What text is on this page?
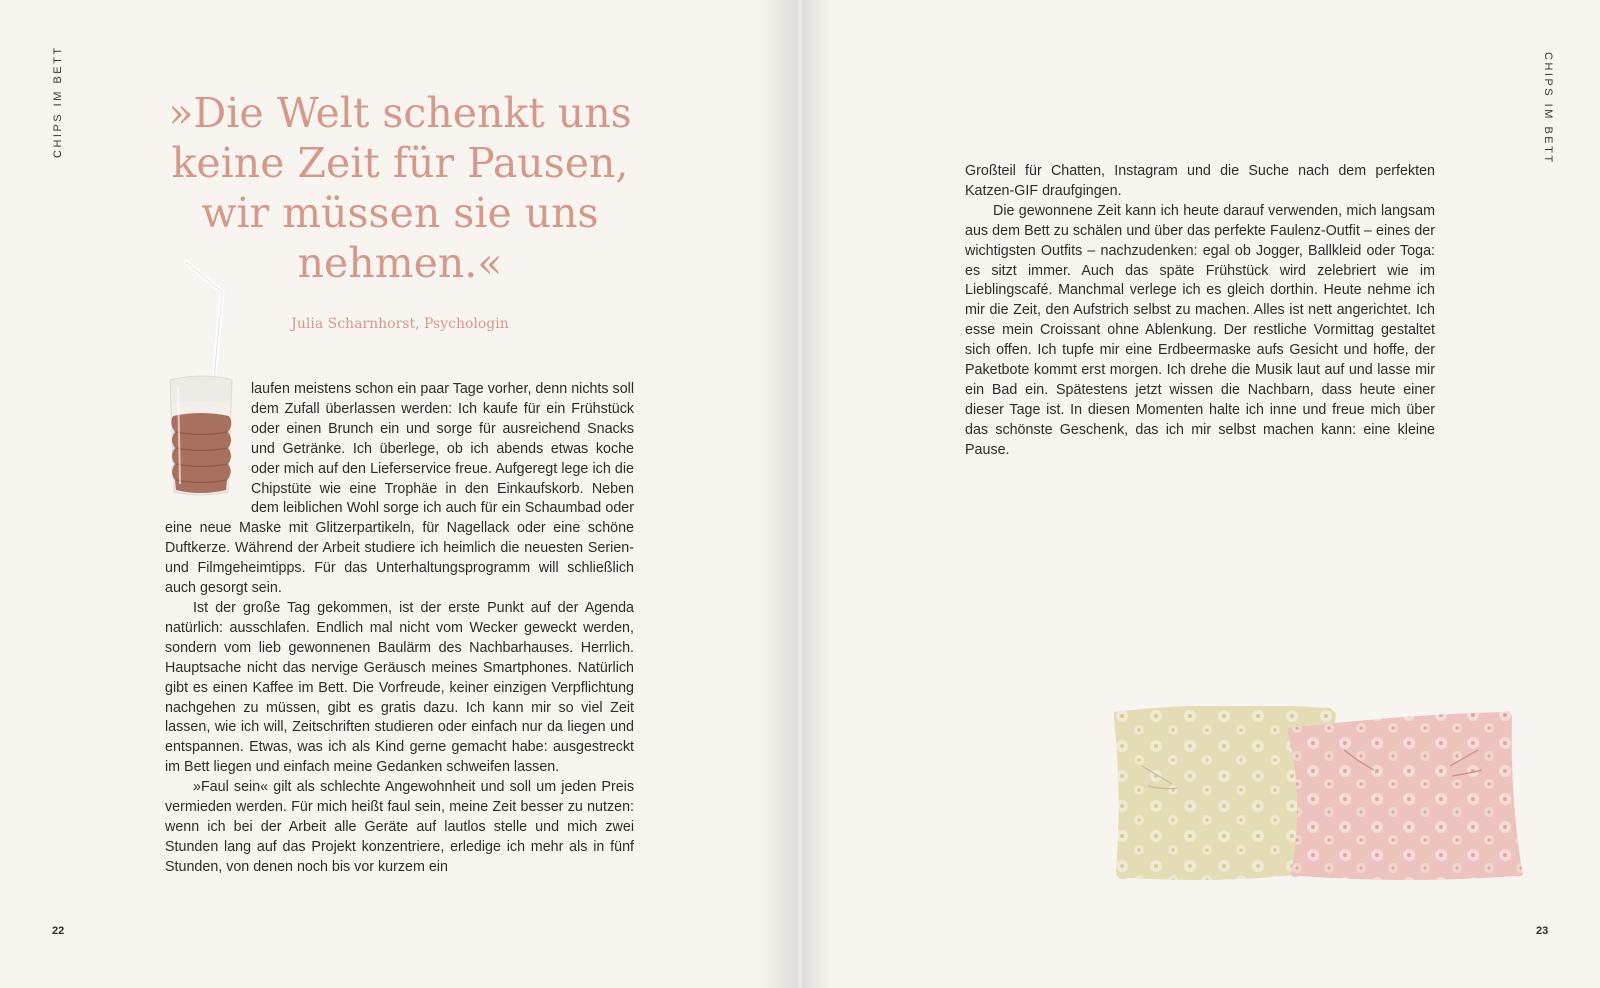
CHIPS IM BETT	»Die Welt schenkt uns keine Zeit für Pausen, wir müssen sie uns nehmen.«
Julia Scharnhorst, Psychologin

laufen meistens schon ein paar Tage vorher, denn nichts soll dem Zufall überlassen werden: Ich kaufe für ein Frühstück oder einen Brunch ein und sorge für ausreichend Snacks und Getränke. Ich überlege, ob ich abends etwas koche oder mich auf den Lieferservice freue. Aufgeregt lege ich die Chipstüte wie eine Trophäe in den Einkaufskorb. Neben dem leiblichen Wohl sorge ich auch für ein Schaumbad oder eine neue Maske mit Glitzerpartikeln, für Nagellack oder eine schöne Duftkerze. Während der Arbeit studiere ich heimlich die neuesten Serien- und Filmgeheimtipps. Für das Unterhaltungsprogramm will schließlich auch gesorgt sein.

Ist der große Tag gekommen, ist der erste Punkt auf der Agenda natürlich: ausschlafen. Endlich mal nicht vom Wecker geweckt werden, sondern vom lieb gewonnenen Baulärm des Nachbarhauses. Herrlich. Hauptsache nicht das nervige Geräusch meines Smartphones. Natürlich gibt es einen Kaffee im Bett. Die Vorfreude, keiner einzigen Verpflichtung nachgehen zu müssen, gibt es gratis dazu. Ich kann mir so viel Zeit lassen, wie ich will, Zeitschriften studieren oder einfach nur da liegen und entspannen. Etwas, was ich als Kind gerne gemacht habe: ausgestreckt im Bett liegen und einfach meine Gedanken schweifen lassen.

»Faul sein« gilt als schlechte Angewohnheit und soll um jeden Preis vermieden werden. Für mich heißt faul sein, meine Zeit besser zu nutzen: wenn ich bei der Arbeit alle Geräte auf lautlos stelle und mich zwei Stunden lang auf das Projekt konzentriere, erledige ich mehr als in fünf Stunden, von denen noch bis vor kurzem ein

22
CHIPS IM BETT
23

Großteil für Chatten, Instagram und die Suche nach dem perfekten Katzen-GIF draufgingen.

Die gewonnene Zeit kann ich heute darauf verwenden, mich langsam aus dem Bett zu schälen und über das perfekte Faulenz-Outfit – eines der wichtigsten Outfits – nachzudenken: egal ob Jogger, Ballkleid oder Toga: es sitzt immer. Auch das späte Frühstück wird zelebriert wie im Lieblingscafé. Manchmal verlege ich es gleich dorthin. Heute nehme ich mir die Zeit, den Aufstrich selbst zu machen. Alles ist nett angerichtet. Ich esse mein Croissant ohne Ablenkung. Der restliche Vormittag gestaltet sich offen. Ich tupfe mir eine Erdbeermaske aufs Gesicht und hoffe, der Paketbote kommt erst morgen. Ich drehe die Musik laut auf und lasse mir ein Bad ein. Spätestens jetzt wissen die Nachbarn, dass heute einer dieser Tage ist. In diesen Momenten halte ich inne und freue mich über das schönste Geschenk, das ich mir selbst machen kann: eine kleine Pause.
